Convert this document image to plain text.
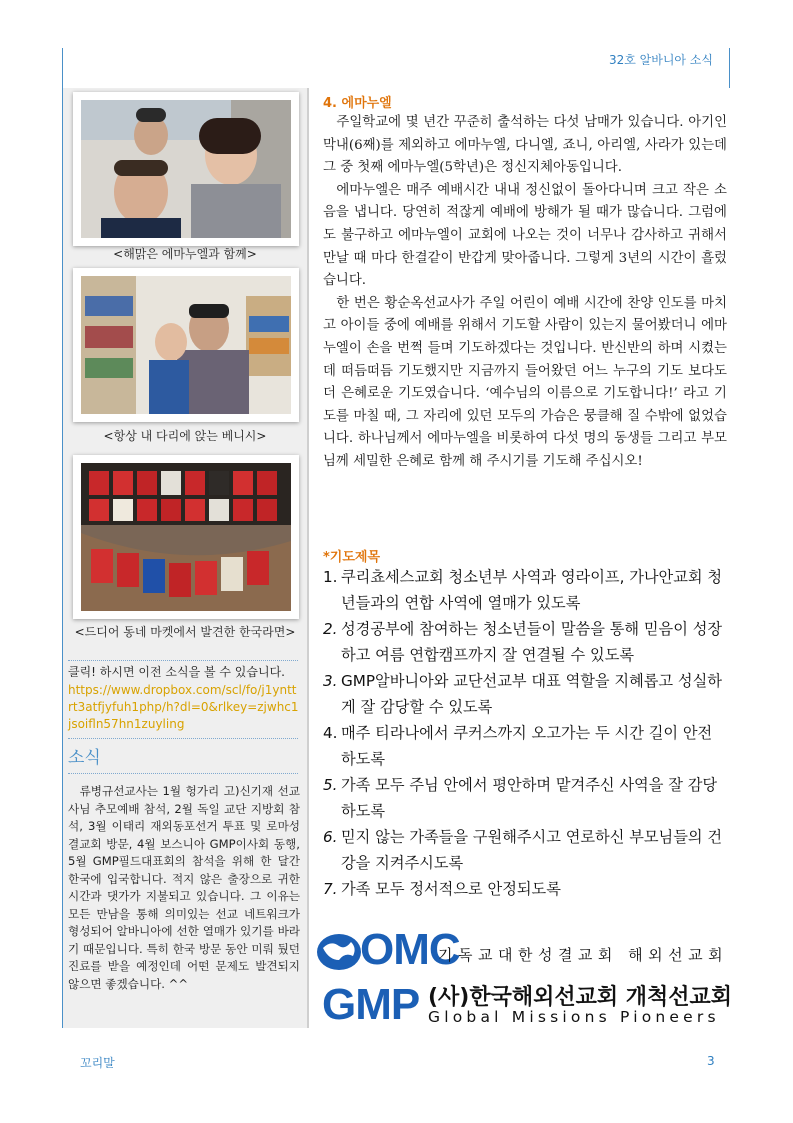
32호 알바니아 소식
<해맑은 에마누엘과 함께>
<항상 내 다리에 앉는 베니시>
<드디어 동네 마켓에서 발견한 한국라면>
클릭! 하시면 이전 소식을 볼 수 있습니다.
https://www.dropbox.com/scl/fo/j1ynttrt3atfjyfuh1php/h?dl=0&rlkey=zjwhc1jsoifln57hn1zuyling
소식
류병규선교사는 1월 헝가리 고)신기재 선교사님 추모예배 참석, 2월 독일 교단 지방회 참석, 3월 이태리 재외동포선거 투표 및 로마성결교회 방문, 4월 보스니아 GMP이사회 동행, 5월 GMP필드대표회의 참석을 위해 한 달간 한국에 입국합니다. 적지 않은 출장으로 귀한 시간과 댓가가 지불되고 있습니다. 그 이유는 모든 만남을 통해 의미있는 선교 네트워크가 형성되어 알바니아에 선한 열매가 있기를 바라기 때문입니다. 특히 한국 방문 동안 미뤄 뒀던 진료를 받을 예정인데 어떤 문제도 발견되지 않으면 좋겠습니다. ^^
4. 에마누엘

주일학교에 몇 년간 꾸준히 출석하는 다섯 남매가 있습니다. 아기인 막내(6째)를 제외하고 에마누엘, 다니엘, 죠니, 아리엘, 사라가 있는데 그 중 첫째 에마누엘(5학년)은 정신지체아동입니다.

에마누엘은 매주 예배시간 내내 정신없이 돌아다니며 크고 작은 소음을 냅니다. 당연히 적잖게 예배에 방해가 될 때가 많습니다. 그럼에도 불구하고 에마누엘이 교회에 나오는 것이 너무나 감사하고 귀해서 만날 때 마다 한결같이 반갑게 맞아줍니다. 그렇게 3년의 시간이 흘렀습니다.

한 번은 황순옥선교사가 주일 어린이 예배 시간에 찬양 인도를 마치고 아이들 중에 예배를 위해서 기도할 사람이 있는지 물어봤더니 에마누엘이 손을 번쩍 들며 기도하겠다는 것입니다. 반신반의 하며 시켰는데 떠듬떠듬 기도했지만 지금까지 들어왔던 어느 누구의 기도 보다도 더 은혜로운 기도였습니다. ‘예수님의 이름으로 기도합니다!’ 라고 기도를 마칠 때, 그 자리에 있던 모두의 가슴은 뭉클해 질 수밖에 없었습니다. 하나님께서 에마누엘을 비롯하여 다섯 명의 동생들 그리고 부모님께 세밀한 은혜로 함께 해 주시기를 기도해 주십시오!

*기도제목
1. 쿠리쵸세스교회 청소년부 사역과 영라이프, 가나안교회 청년들과의 연합 사역에 열매가 있도록
2. 성경공부에 참여하는 청소년들이 말씀을 통해 믿음이 성장하고 여름 연합캠프까지 잘 연결될 수 있도록
3. GMP알바니아와 교단선교부 대표 역할을 지혜롭고 성실하게 잘 감당할 수 있도록
4. 매주 티라나에서 쿠커스까지 오고가는 두 시간 길이 안전하도록
5. 가족 모두 주님 안에서 평안하며 맡겨주신 사역을 잘 감당하도록
6. 믿지 않는 가족들을 구원해주시고 연로하신 부모님들의 건강을 지켜주시도록
7. 가족 모두 정서적으로 안정되도록
OMC
기독교대한성결교회 해외선교회
GMP (사)한국해외선교회 개척선교회
Global Missions Pioneers
꼬리말	3
